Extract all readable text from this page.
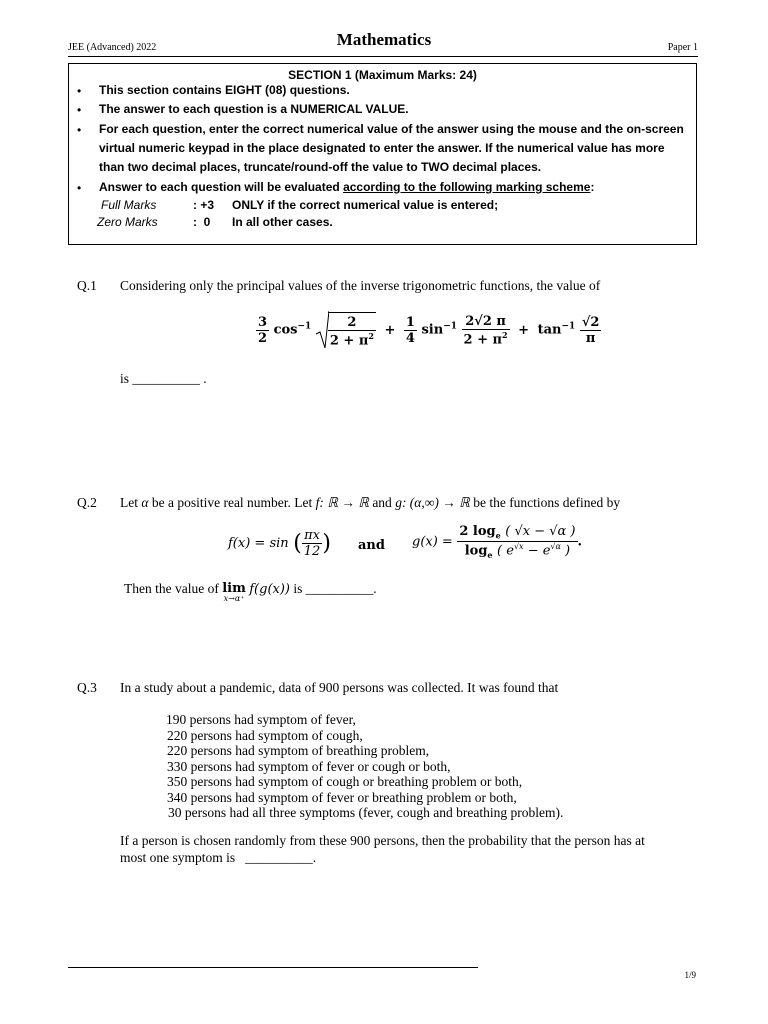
JEE (Advanced) 2022	Mathematics	Paper 1
SECTION 1 (Maximum Marks: 24)
•	This section contains EIGHT (08) questions.
•	The answer to each question is a NUMERICAL VALUE.
•	For each question, enter the correct numerical value of the answer using the mouse and the on-screen virtual numeric keypad in the place designated to enter the answer. If the numerical value has more than two decimal places, truncate/round-off the value to TWO decimal places.
•	Answer to each question will be evaluated according to the following marking scheme:
Full Marks	: +3 ONLY if the correct numerical value is entered;
Zero Marks	:  0 In all other cases.
Q.1 Considering only the principal values of the inverse trigonometric functions, the value of
$\frac{3}{2} \cos^{-1} \frac{2}{2 + \pi^2} + \frac{1}{4} \sin^{-1} \frac{2√2 \pi}{2 + \pi^2} + \tan^{-1} \frac{√2}{\pi}$
is __________ .
Q.2 Let α be a positive real number. Let f: ℝ → ℝ and g: (α,∞) → ℝ be the functions defined by
f(x) = sin ( $\frac{\pi x}{12}$ ) and $g(x) = \frac{2 \log_e ( √x - √\alpha )}{\log_e ( e^{√x} - e^{√\alpha} )}$ .
Then the value of lim
x→α⁺
f(g(x)) is __________.
Q.3 In a study about a pandemic, data of 900 persons was collected. It was found that
190 persons had symptom of fever,
220 persons had symptom of cough,
220 persons had symptom of breathing problem,
330 persons had symptom of fever or cough or both,
350 persons had symptom of cough or breathing problem or both,
340 persons had symptom of fever or breathing problem or both,
30 persons had all three symptoms (fever, cough and breathing problem).
If a person is chosen randomly from these 900 persons, then the probability that the person has at
most one symptom is __________.
1/9
